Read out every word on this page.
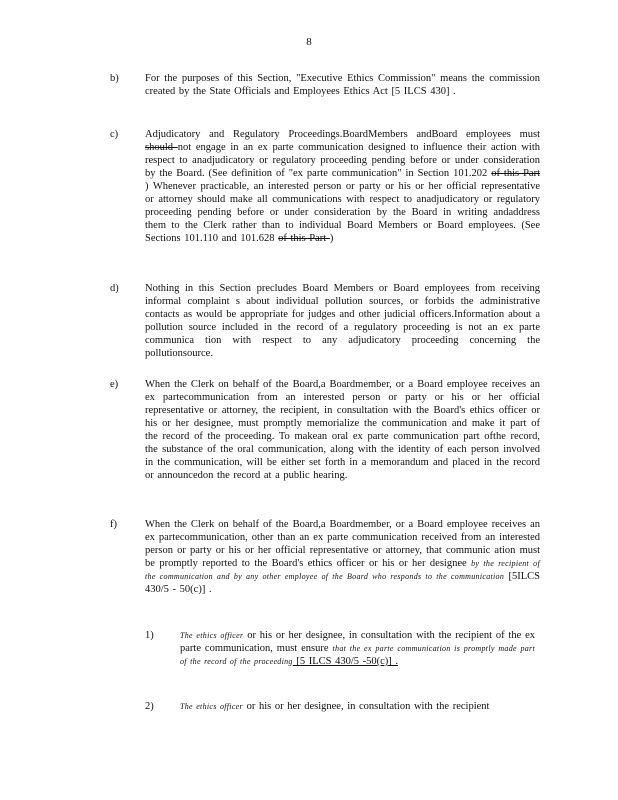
8
b)	For the purposes of this Section, "Executive Ethics Commission" means the commission created by the State Officials and Employees Ethics Act [5 ILCS 430] .
c)	Adjudicatory and Regulatory Proceedings.BoardMembers andBoard employees must should not engage in an ex parte communication designed to influence their action with respect to anadjudicatory or regulatory proceeding pending before or under consideration by the Board. (See definition of "ex parte communication" in Section 101.202 of this Part ) Whenever practicable, an interested person or party or his or her official representative or attorney should make all communications with respect to anadjudicatory or regulatory proceeding pending before or under consideration by the Board in writing andaddress them to the Clerk rather than to individual Board Members or Board employees. (See Sections 101.110 and 101.628 of this Part )
d)	Nothing in this Section precludes Board Members or Board employees from receiving informal complaint s about individual pollution sources, or forbids the administrative contacts as would be appropriate for judges and other judicial officers.Information about a pollution source included in the record of a regulatory proceeding is not an ex parte communica tion with respect to any adjudicatory proceeding concerning the pollutionsource.
e)	When the Clerk on behalf of the Board,a Boardmember, or a Board employee receives an ex partecommunication from an interested person or party or his or her official representative or attorney, the recipient, in consultation with the Board's ethics officer or his or her designee, must promptly memorialize the communication and make it part of the record of the proceeding. To makean oral ex parte communication part ofthe record, the substance of the oral communication, along with the identity of each person involved in the communication, will be either set forth in a memorandum and placed in the record or announcedon the record at a public hearing.
f)	When the Clerk on behalf of the Board,a Boardmember, or a Board employee receives an ex partecommunication, other than an ex parte communication received from an interested person or party or his or her official representative or attorney, that communic ation must be promptly reported to the Board's ethics officer or his or her designee by the recipient of the communication and by any other employee of the Board who responds to the communication [5ILCS 430/5 - 50(c)] .
1)	The ethics officer or his or her designee, in consultation with the recipient of the ex parte communication, must ensure that the ex parte communication is promptly made part of the record of the proceeding [5 ILCS 430/5 -50(c)] .
2)	The ethics officer or his or her designee, in consultation with the recipient
